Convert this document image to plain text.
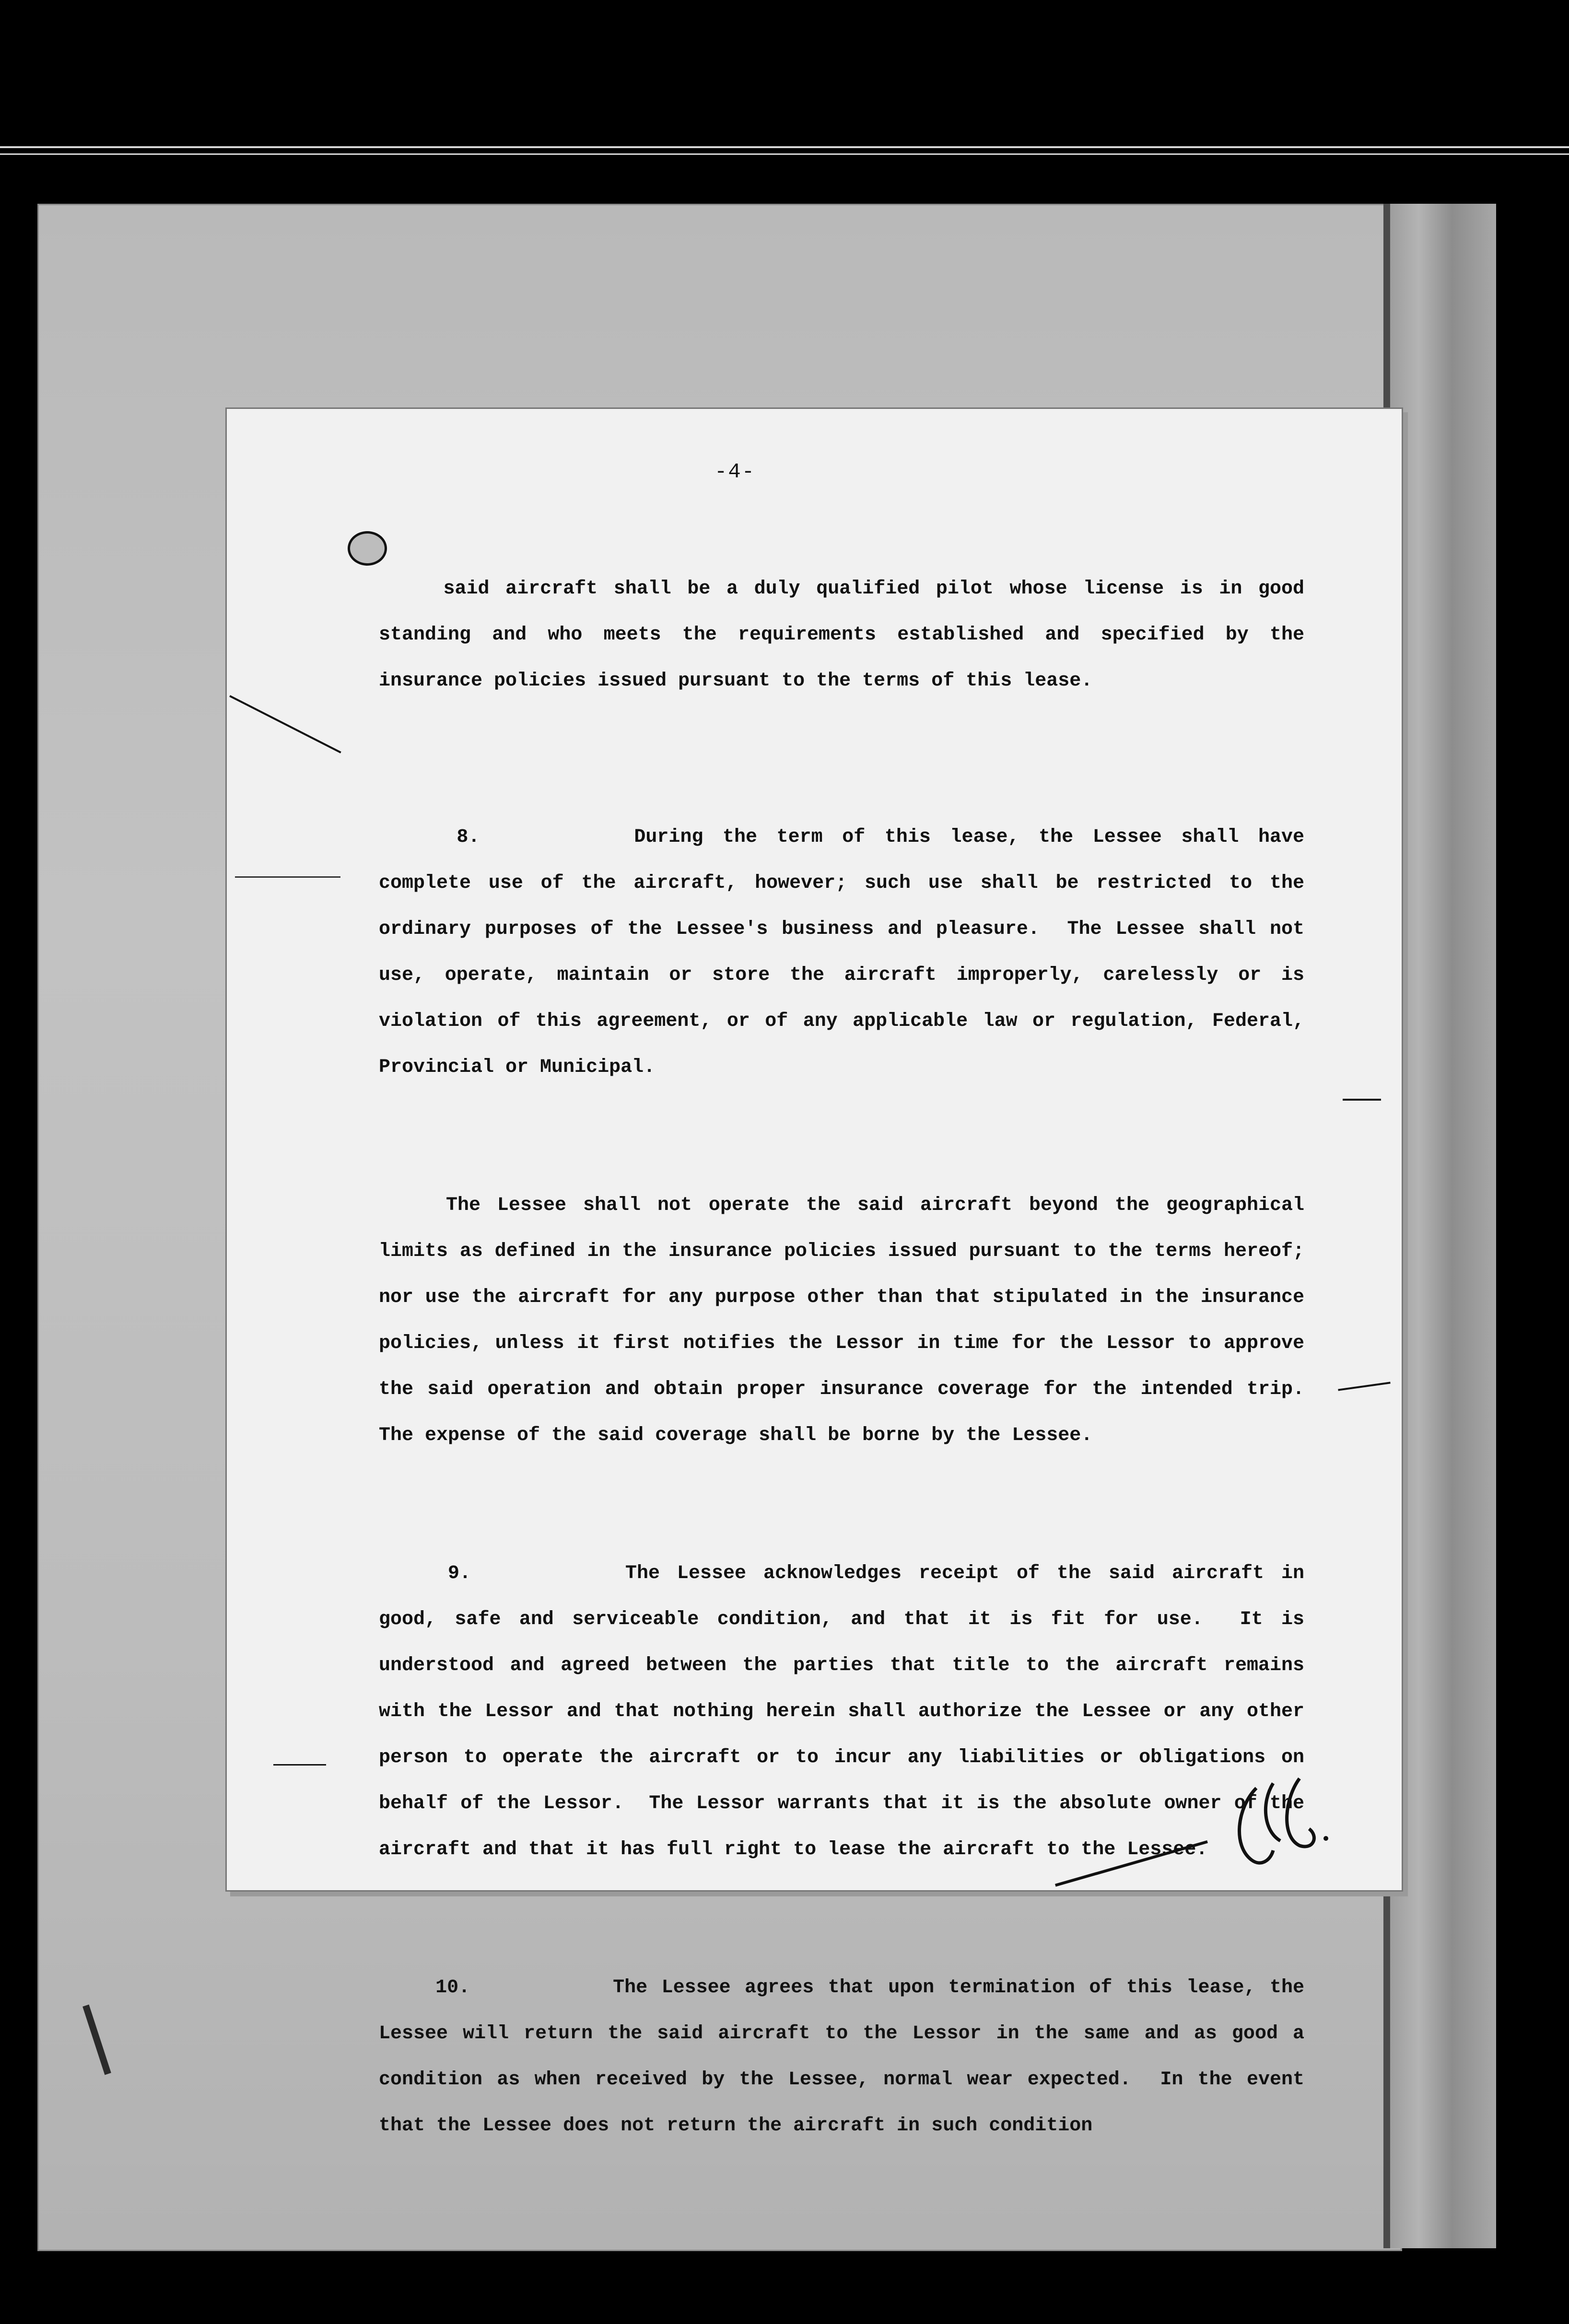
-4-

said aircraft shall be a duly qualified pilot whose license is in good standing and who meets the requirements established and specified by the insurance policies issued pursuant to the terms of this lease.

8.	During the term of this lease, the Lessee shall have complete use of the aircraft, however; such use shall be restricted to the ordinary purposes of the Lessee's business and pleasure.  The Lessee shall not use, operate, maintain or store the aircraft improperly, carelessly or is violation of this agreement, or of any applicable law or regulation, Federal, Provincial or Municipal.

The Lessee shall not operate the said aircraft beyond the geographical limits as defined in the insurance policies issued pursuant to the terms hereof; nor use the aircraft for any purpose other than that stipulated in the insurance policies, unless it first notifies the Lessor in time for the Lessor to approve the said operation and obtain proper insurance coverage for the intended trip.  The expense of the said coverage shall be borne by the Lessee.

9.	The Lessee acknowledges receipt of the said aircraft in good, safe and serviceable condition, and that it is fit for use.  It is understood and agreed between the parties that title to the aircraft remains with the Lessor and that nothing herein shall authorize the Lessee or any other person to operate the aircraft or to incur any liabilities or obligations on behalf of the Lessor.  The Lessor warrants that it is the absolute owner of the aircraft and that it has full right to lease the aircraft to the Lessee.

10.	The Lessee agrees that upon termination of this lease, the Lessee will return the said aircraft to the Lessor in the same and as good a condition as when received by the Lessee, normal wear expected.  In the event that the Lessee does not return the aircraft in such condition
